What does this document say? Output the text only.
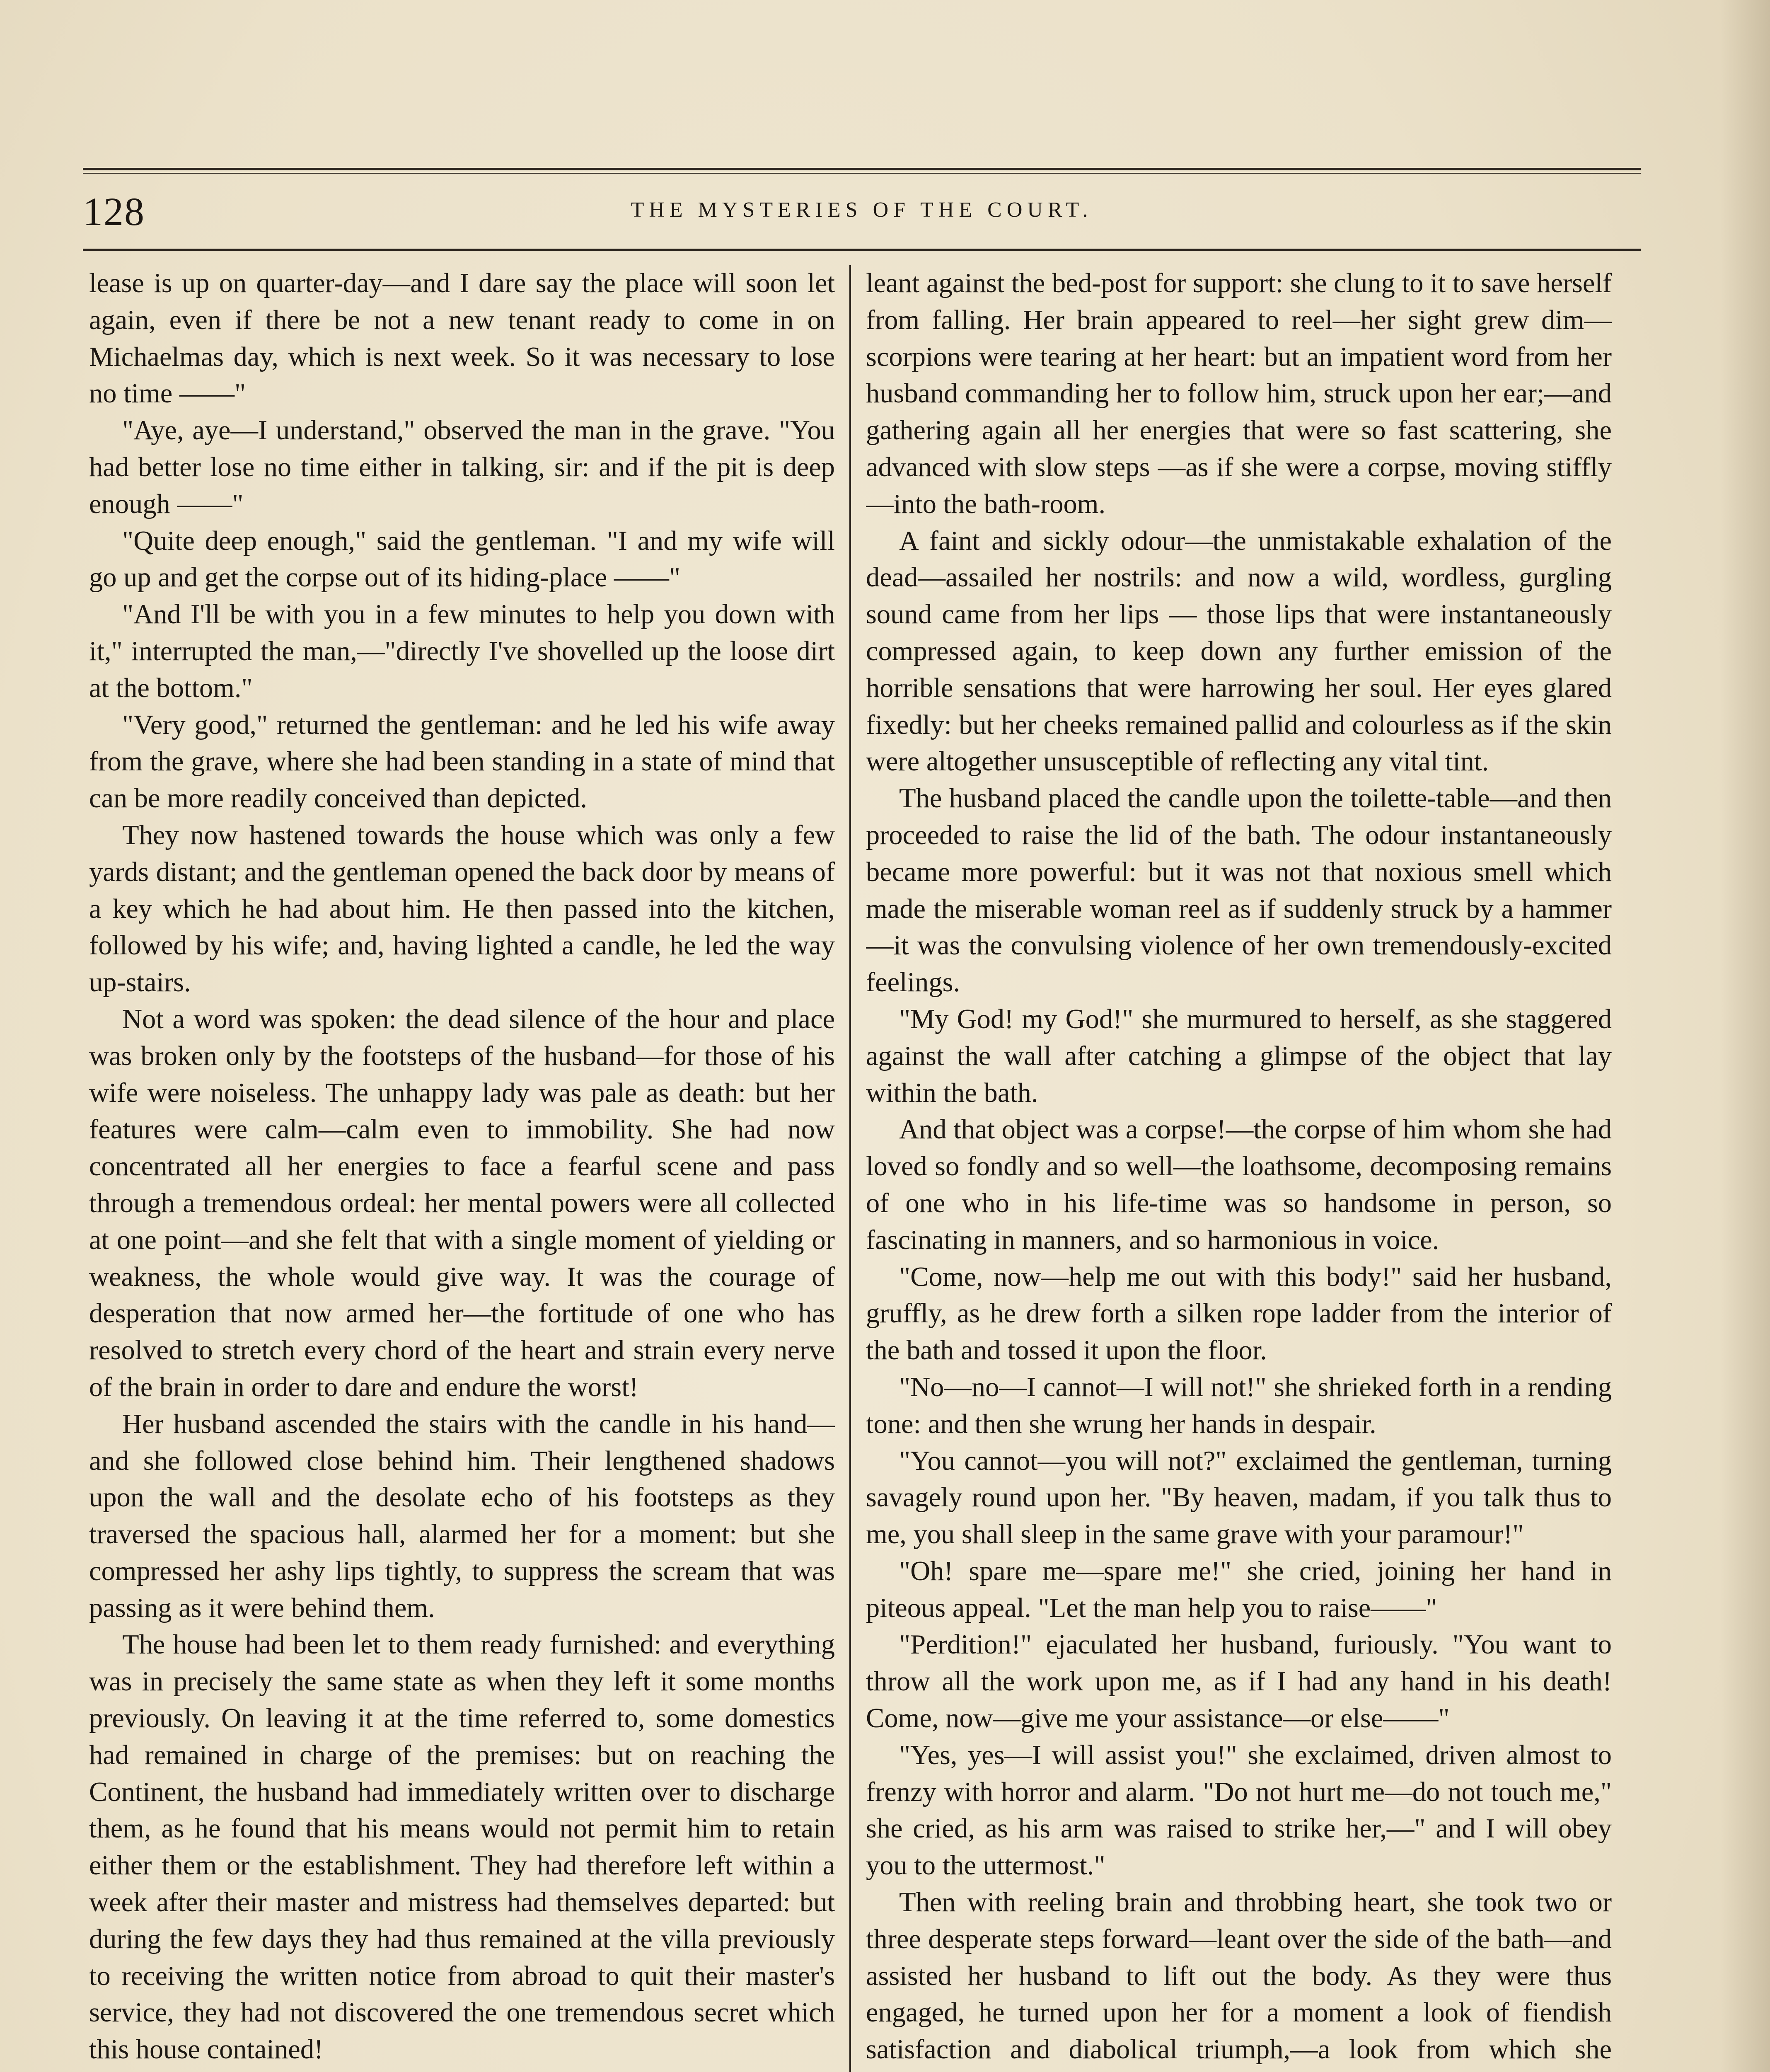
128	THE MYSTERIES OF THE COURT.

lease is up on quarter-day—and I dare say the place will soon let again, even if there be not a new tenant ready to come in on Michaelmas day, which is next week. So it was necessary to lose no time ——"

"Aye, aye—I understand," observed the man in the grave. "You had better lose no time either in talking, sir: and if the pit is deep enough ——"

"Quite deep enough," said the gentleman. "I and my wife will go up and get the corpse out of its hiding-place ——"

"And I'll be with you in a few minutes to help you down with it," interrupted the man,—"directly I've shovelled up the loose dirt at the bottom."

"Very good," returned the gentleman: and he led his wife away from the grave, where she had been standing in a state of mind that can be more readily conceived than depicted.

They now hastened towards the house which was only a few yards distant; and the gentleman opened the back door by means of a key which he had about him. He then passed into the kitchen, followed by his wife; and, having lighted a candle, he led the way up-stairs.

Not a word was spoken: the dead silence of the hour and place was broken only by the footsteps of the husband—for those of his wife were noiseless. The unhappy lady was pale as death: but her features were calm—calm even to immobility. She had now concentrated all her energies to face a fearful scene and pass through a tremendous ordeal: her mental powers were all collected at one point—and she felt that with a single moment of yielding or weakness, the whole would give way. It was the courage of desperation that now armed her—the fortitude of one who has resolved to stretch every chord of the heart and strain every nerve of the brain in order to dare and endure the worst!

Her husband ascended the stairs with the candle in his hand—and she followed close behind him. Their lengthened shadows upon the wall and the desolate echo of his footsteps as they traversed the spacious hall, alarmed her for a moment: but she compressed her ashy lips tightly, to suppress the scream that was passing as it were behind them.

The house had been let to them ready furnished: and everything was in precisely the same state as when they left it some months previously. On leaving it at the time referred to, some domestics had remained in charge of the premises: but on reaching the Continent, the husband had immediately written over to discharge them, as he found that his means would not permit him to retain either them or the establishment. They had therefore left within a week after their master and mistress had themselves departed: but during the few days they had thus remained at the villa previously to receiving the written notice from abroad to quit their master's service, they had not discovered the one tremendous secret which this house contained!

leant against the bed-post for support: she clung to it to save herself from falling. Her brain appeared to reel—her sight grew dim—scorpions were tearing at her heart: but an impatient word from her husband commanding her to follow him, struck upon her ear;—and gathering again all her energies that were so fast scattering, she advanced with slow steps —as if she were a corpse, moving stiffly—into the bath-room.

A faint and sickly odour—the unmistakable exhalation of the dead—assailed her nostrils: and now a wild, wordless, gurgling sound came from her lips — those lips that were instantaneously compressed again, to keep down any further emission of the horrible sensations that were harrowing her soul. Her eyes glared fixedly: but her cheeks remained pallid and colourless as if the skin were altogether unsusceptible of reflecting any vital tint.

The husband placed the candle upon the toilette-table—and then proceeded to raise the lid of the bath. The odour instantaneously became more powerful: but it was not that noxious smell which made the miserable woman reel as if suddenly struck by a hammer—it was the convulsing violence of her own tremendously-excited feelings.

"My God! my God!" she murmured to herself, as she staggered against the wall after catching a glimpse of the object that lay within the bath.

And that object was a corpse!—the corpse of him whom she had loved so fondly and so well—the loathsome, decomposing remains of one who in his life-time was so handsome in person, so fascinating in manners, and so harmonious in voice.

"Come, now—help me out with this body!" said her husband, gruffly, as he drew forth a silken rope ladder from the interior of the bath and tossed it upon the floor.

"No—no—I cannot—I will not!" she shrieked forth in a rending tone: and then she wrung her hands in despair.

"You cannot—you will not?" exclaimed the gentleman, turning savagely round upon her. "By heaven, madam, if you talk thus to me, you shall sleep in the same grave with your paramour!"

"Oh! spare me—spare me!" she cried, joining her hand in piteous appeal. "Let the man help you to raise——"

"Perdition!" ejaculated her husband, furiously. "You want to throw all the work upon me, as if I had any hand in his death! Come, now—give me your assistance—or else——"

"Yes, yes—I will assist you!" she exclaimed, driven almost to frenzy with horror and alarm. "Do not hurt me—do not touch me," she cried, as his arm was raised to strike her,—" and I will obey you to the uttermost."

Then with reeling brain and throbbing heart, she took two or three desperate steps forward—leant over the side of the bath—and assisted her husband to lift out the body. As they were thus engaged, he turned upon her for a moment a look of fiendish satisfaction and diabolical triumph,—a look from which she
